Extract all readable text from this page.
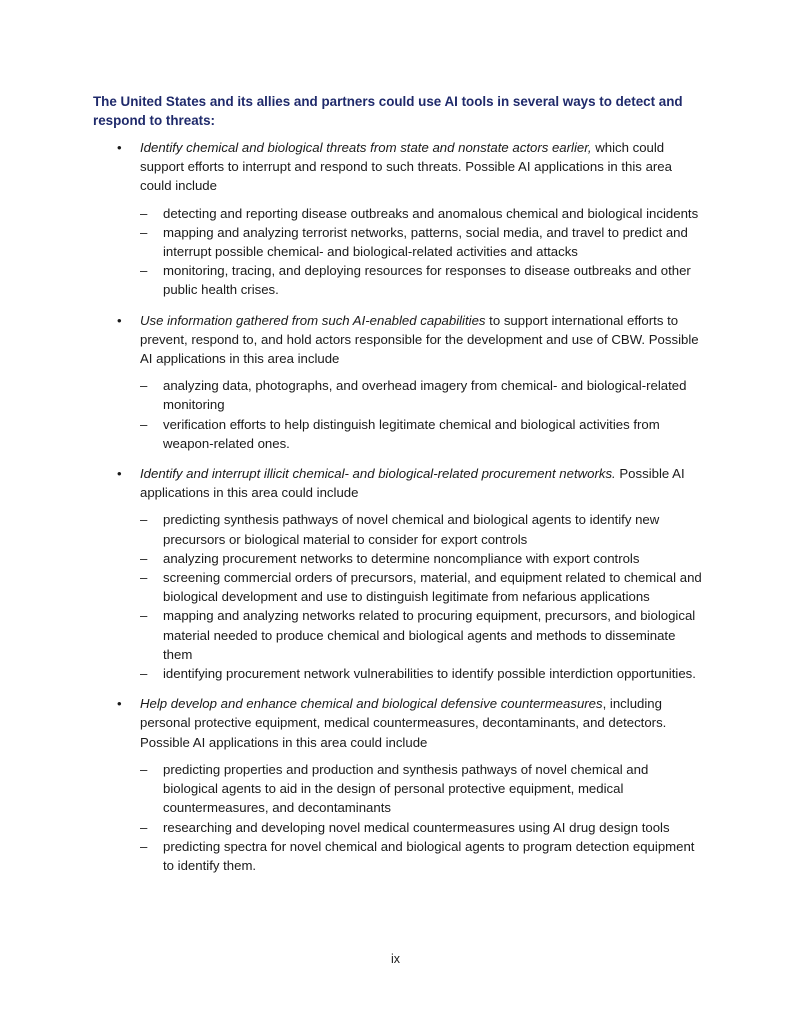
The United States and its allies and partners could use AI tools in several ways to detect and respond to threats:

•	Identify chemical and biological threats from state and nonstate actors earlier, which could support efforts to interrupt and respond to such threats. Possible AI applications in this area could include
– detecting and reporting disease outbreaks and anomalous chemical and biological incidents
– mapping and analyzing terrorist networks, patterns, social media, and travel to predict and interrupt possible chemical- and biological-related activities and attacks
– monitoring, tracing, and deploying resources for responses to disease outbreaks and other public health crises.
•	Use information gathered from such AI-enabled capabilities to support international efforts to prevent, respond to, and hold actors responsible for the development and use of CBW. Possible AI applications in this area include
– analyzing data, photographs, and overhead imagery from chemical- and biological-related monitoring
– verification efforts to help distinguish legitimate chemical and biological activities from weapon-related ones.
•	Identify and interrupt illicit chemical- and biological-related procurement networks. Possible AI applications in this area could include
– predicting synthesis pathways of novel chemical and biological agents to identify new precursors or biological material to consider for export controls
– analyzing procurement networks to determine noncompliance with export controls
– screening commercial orders of precursors, material, and equipment related to chemical and biological development and use to distinguish legitimate from nefarious applications
– mapping and analyzing networks related to procuring equipment, precursors, and biological material needed to produce chemical and biological agents and methods to disseminate them
– identifying procurement network vulnerabilities to identify possible interdiction opportunities.
•	Help develop and enhance chemical and biological defensive countermeasures, including personal protective equipment, medical countermeasures, decontaminants, and detectors. Possible AI applications in this area could include
– predicting properties and production and synthesis pathways of novel chemical and biological agents to aid in the design of personal protective equipment, medical countermeasures, and decontaminants
– researching and developing novel medical countermeasures using AI drug design tools
– predicting spectra for novel chemical and biological agents to program detection equipment to identify them.
ix
